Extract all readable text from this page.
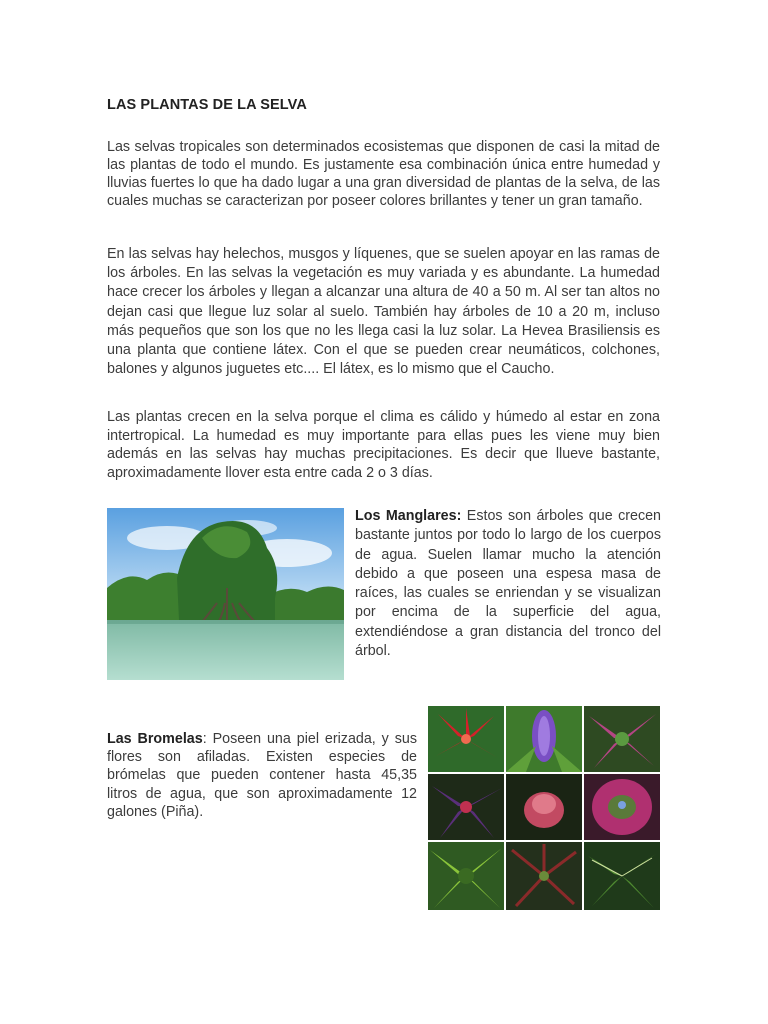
LAS PLANTAS DE LA SELVA

Las selvas tropicales son determinados ecosistemas que disponen de casi la mitad de las plantas de todo el mundo. Es justamente esa combinación única entre humedad y lluvias fuertes lo que ha dado lugar a una gran diversidad de plantas de la selva, de las cuales muchas se caracterizan por poseer colores brillantes y tener un gran tamaño.

En las selvas hay helechos, musgos y líquenes, que se suelen apoyar en las ramas de los árboles. En las selvas la vegetación es muy variada y es abundante. La humedad hace crecer los árboles y llegan a alcanzar una altura de 40 a 50 m. Al ser tan altos no dejan casi que llegue luz solar al suelo. También hay árboles de 10 a 20 m, incluso más pequeños que son los que no les llega casi la luz solar. La Hevea Brasiliensis es una planta que contiene látex. Con el que se pueden crear neumáticos, colchones, balones y algunos juguetes etc.... El látex, es lo mismo que el Caucho.

Las plantas crecen en la selva porque el clima es cálido y húmedo al estar en zona intertropical. La humedad es muy importante para ellas pues les viene muy bien además en las selvas hay muchas precipitaciones. Es decir que llueve bastante, aproximadamente llover esta entre cada 2 o 3 días.

Los Manglares: Estos son árboles que crecen bastante juntos por todo lo largo de los cuerpos de agua. Suelen llamar mucho la atención debido a que poseen una espesa masa de raíces, las cuales se enriendan y se visualizan por encima de la superficie del agua, extendiéndose a gran distancia del tronco del árbol.

Las Bromelas: Poseen una piel erizada, y sus flores son afiladas. Existen especies de brómelas que pueden contener hasta 45,35 litros de agua, que son aproximadamente 12 galones (Piña).
